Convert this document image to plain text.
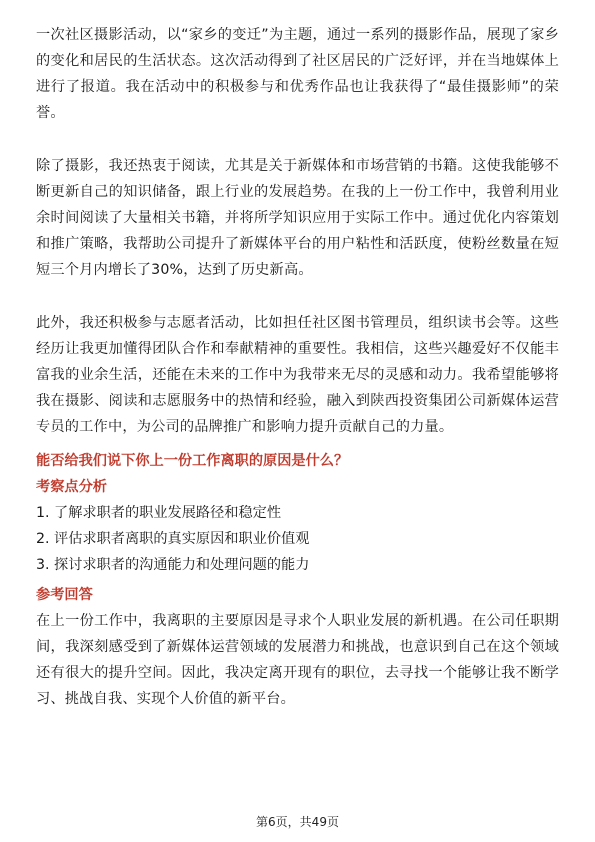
一次社区摄影活动，以“家乡的变迁”为主题，通过一系列的摄影作品，展现了家乡的变化和居民的生活状态。这次活动得到了社区居民的广泛好评，并在当地媒体上进行了报道。我在活动中的积极参与和优秀作品也让我获得了“最佳摄影师”的荣誉。

除了摄影，我还热衷于阅读，尤其是关于新媒体和市场营销的书籍。这使我能够不断更新自己的知识储备，跟上行业的发展趋势。在我的上一份工作中，我曾利用业余时间阅读了大量相关书籍，并将所学知识应用于实际工作中。通过优化内容策划和推广策略，我帮助公司提升了新媒体平台的用户粘性和活跃度，使粉丝数量在短短三个月内增长了30%，达到了历史新高。

此外，我还积极参与志愿者活动，比如担任社区图书管理员，组织读书会等。这些经历让我更加懂得团队合作和奉献精神的重要性。我相信，这些兴趣爱好不仅能丰富我的业余生活，还能在未来的工作中为我带来无尽的灵感和动力。我希望能够将我在摄影、阅读和志愿服务中的热情和经验，融入到陕西投资集团公司新媒体运营专员的工作中，为公司的品牌推广和影响力提升贡献自己的力量。

能否给我们说下你上一份工作离职的原因是什么？
考察点分析

1. 了解求职者的职业发展路径和稳定性

2. 评估求职者离职的真实原因和职业价值观

3. 探讨求职者的沟通能力和处理问题的能力

参考回答

在上一份工作中，我离职的主要原因是寻求个人职业发展的新机遇。在公司任职期间，我深刻感受到了新媒体运营领域的发展潜力和挑战，也意识到自己在这个领域还有很大的提升空间。因此，我决定离开现有的职位，去寻找一个能够让我不断学习、挑战自我、实现个人价值的新平台。

第6页，共49页
